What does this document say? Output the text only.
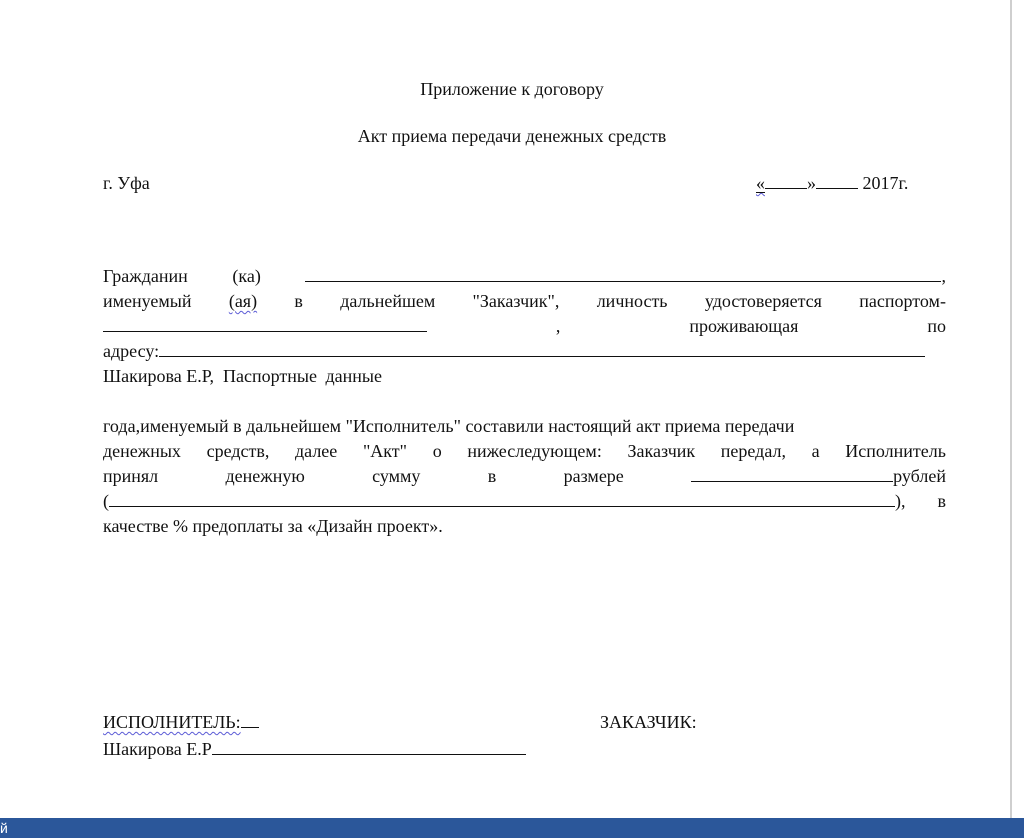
Приложение к договору
Акт приема передачи денежных средств
г. Уфа	« »	2017г.
Гражданин (ка)	,
именуемый (ая) в дальнейшем "Заказчик", личность удостоверяется паспортом-
,	проживающая	по
адресу:
Шакирова Е.Р, Паспортные данные
года,именуемый в дальнейшем "Исполнитель" составили настоящий акт приема передачи
денежных средств, далее "Акт" о нижеследующем: Заказчик передал, а Исполнитель
принял	денежную	сумму	в	размере	рублей
(	), в
качестве % предоплаты за «Дизайн проект».
ИСПОЛНИТЕЛЬ:	ЗАКАЗЧИК:
Шакирова Е.Р
й
